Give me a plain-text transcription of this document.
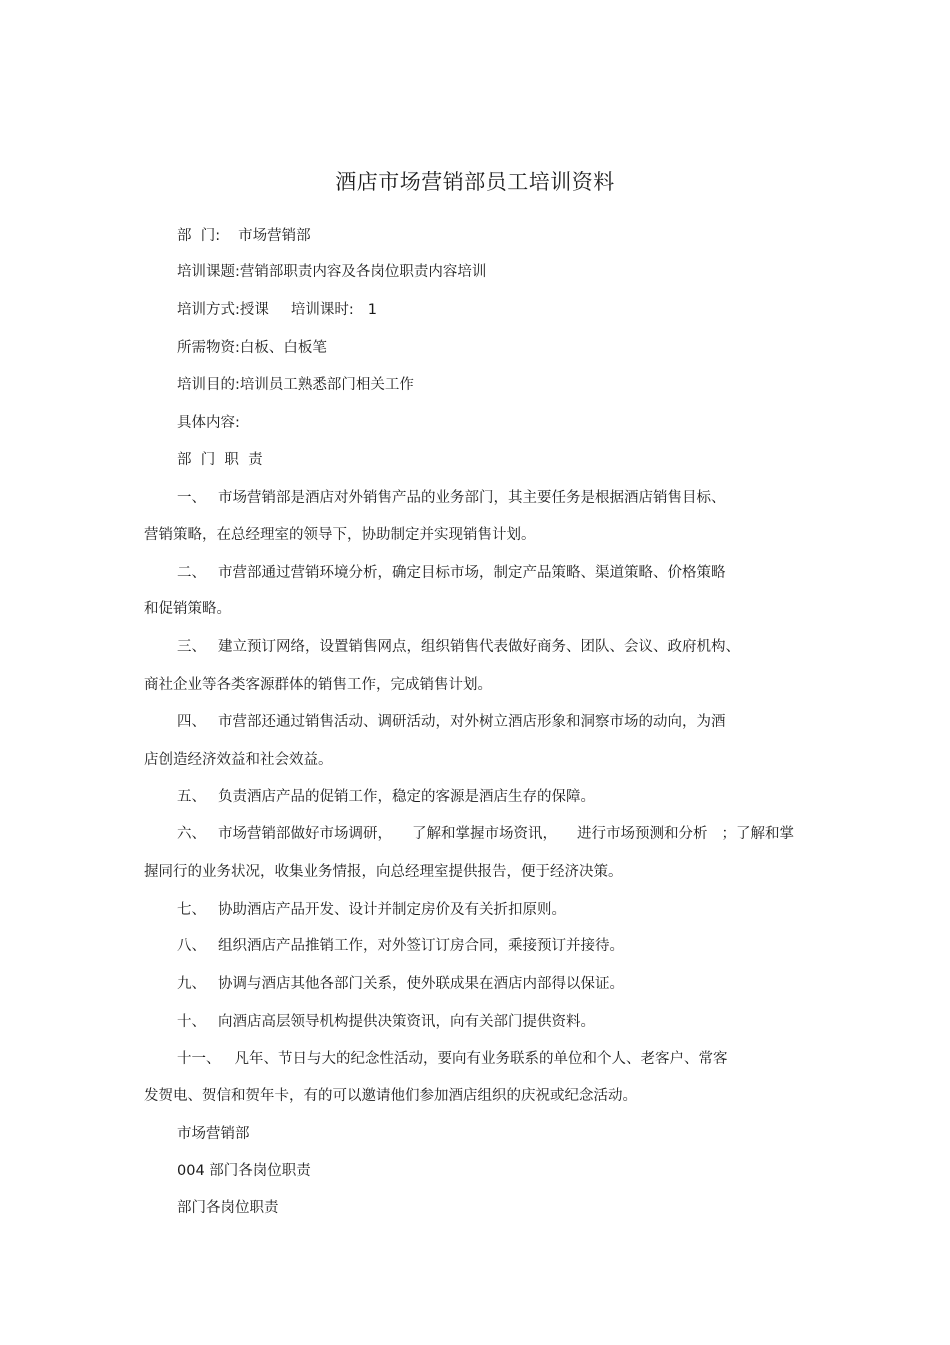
酒店市场营销部员工培训资料
部  门: 市场营销部
培训课题:营销部职责内容及各岗位职责内容培训
培训方式:授课 培训课时: 1
所需物资:白板、白板笔
培训目的:培训员工熟悉部门相关工作
具体内容:
部  门  职  责
一、 市场营销部是酒店对外销售产品的业务部门，其主要任务是根据酒店销售目标、
营销策略，在总经理室的领导下，协助制定并实现销售计划。
二、 市营部通过营销环境分析，确定目标市场，制定产品策略、渠道策略、价格策略
和促销策略。
三、 建立预订网络，设置销售网点，组织销售代表做好商务、团队、会议、政府机构、
商社企业等各类客源群体的销售工作，完成销售计划。
四、 市营部还通过销售活动、调研活动，对外树立酒店形象和洞察市场的动向，为酒
店创造经济效益和社会效益。
五、 负责酒店产品的促销工作，稳定的客源是酒店生存的保障。
六、 市场营销部做好市场调研， 了解和掌握市场资讯， 进行市场预测和分析 ；了解和掌
握同行的业务状况，收集业务情报，向总经理室提供报告，便于经济决策。
七、 协助酒店产品开发、设计并制定房价及有关折扣原则。
八、 组织酒店产品推销工作，对外签订订房合同，乘接预订并接待。
九、 协调与酒店其他各部门关系，使外联成果在酒店内部得以保证。
十、 向酒店高层领导机构提供决策资讯，向有关部门提供资料。
十一、 凡年、节日与大的纪念性活动，要向有业务联系的单位和个人、老客户、常客
发贺电、贺信和贺年卡，有的可以邀请他们参加酒店组织的庆祝或纪念活动。
市场营销部
004 部门各岗位职责
部门各岗位职责
